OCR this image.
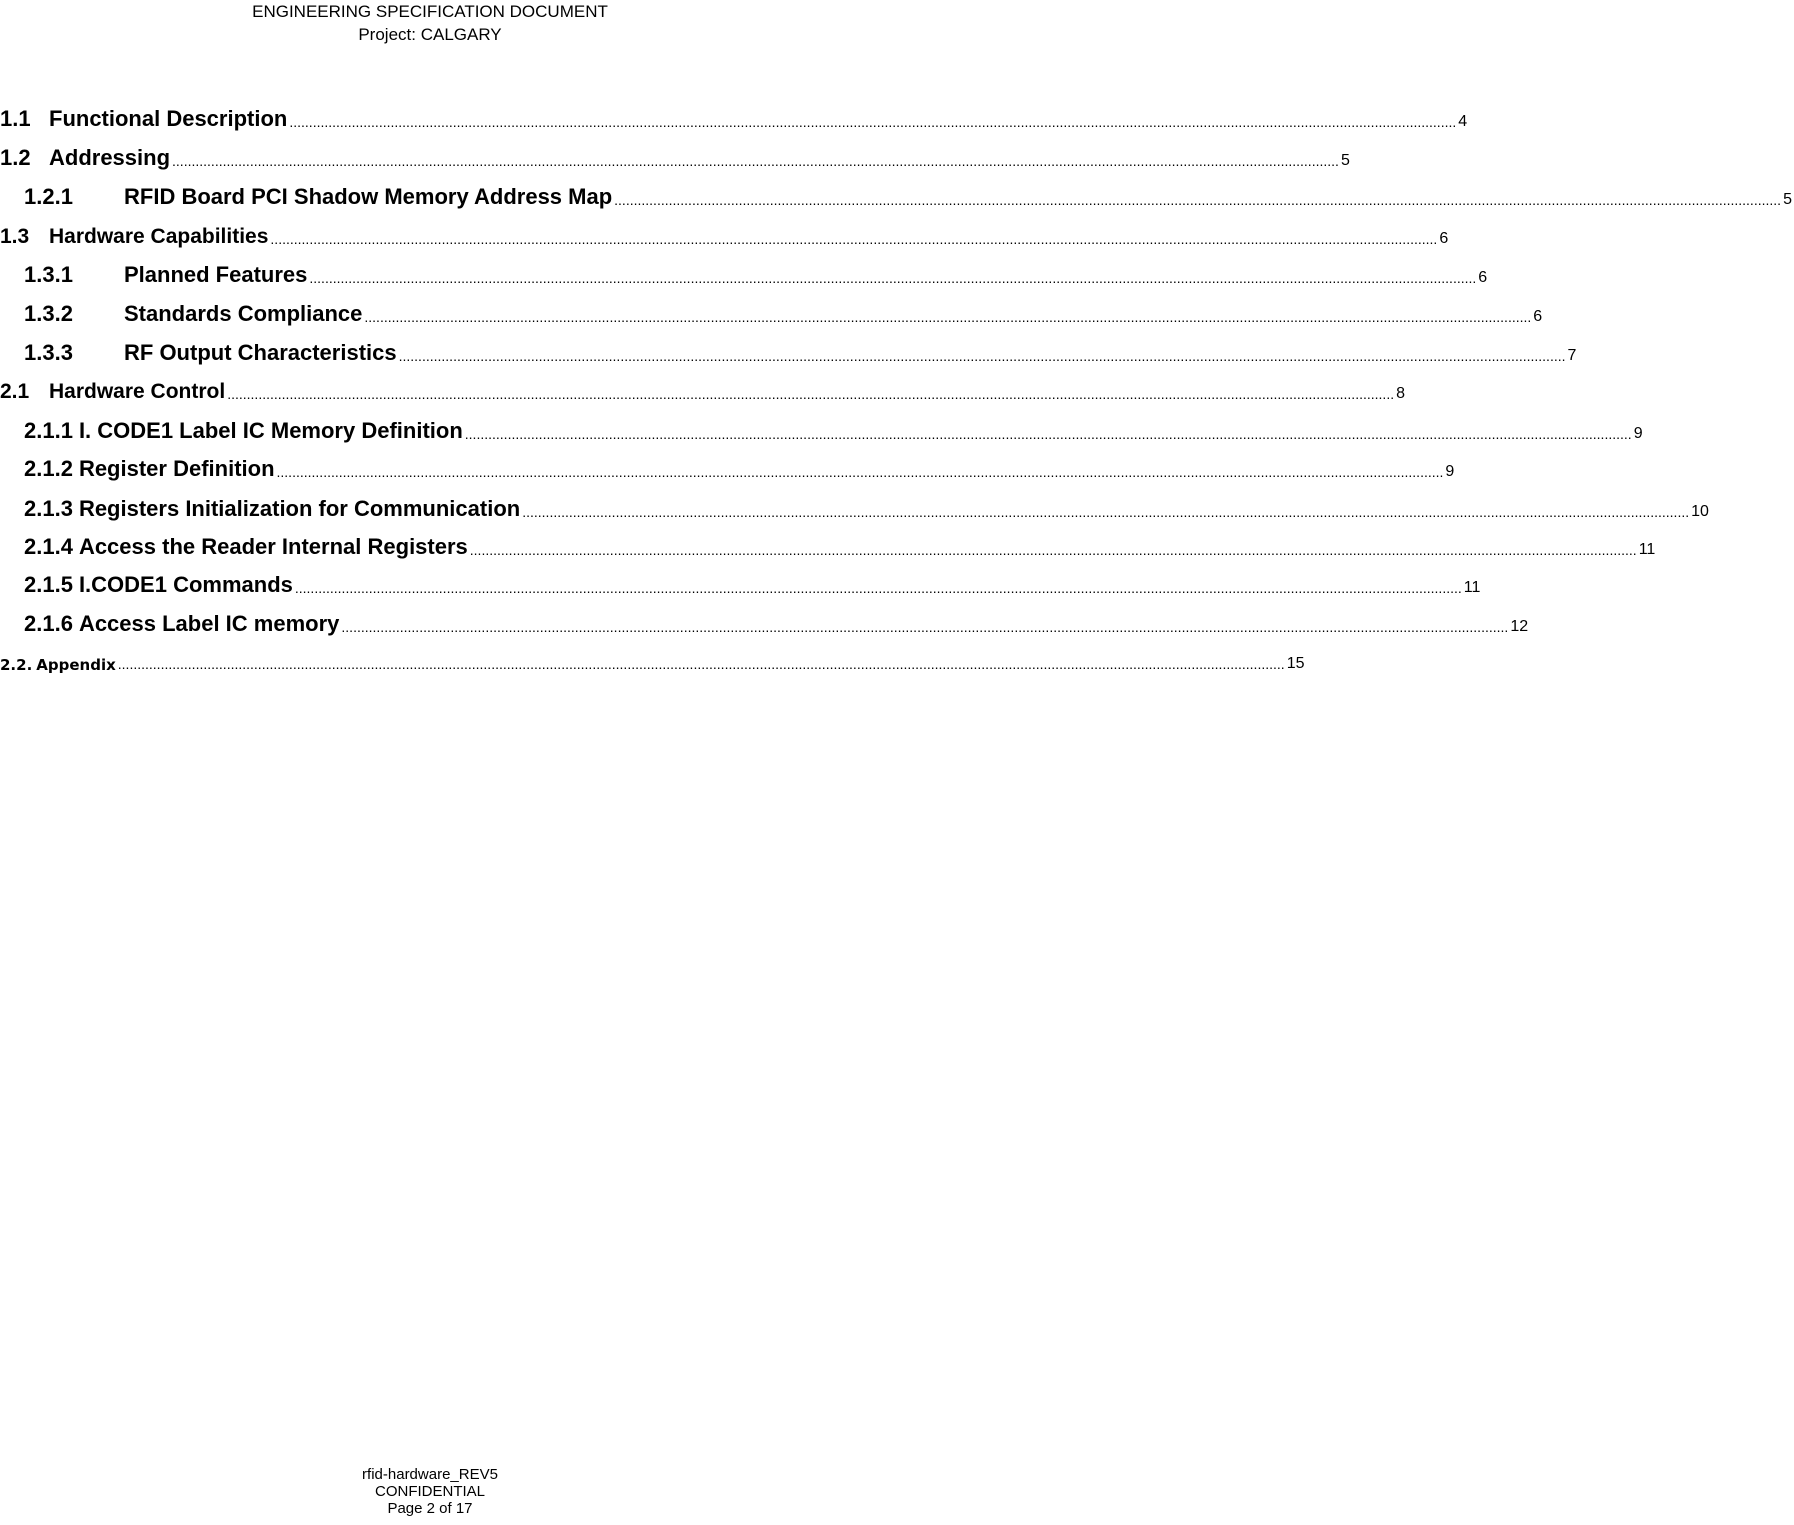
ENGINEERING SPECIFICATION DOCUMENT
Project: CALGARY
1.1 Functional Description ............................................................................................................................................................................................................................................................................................................ 4
1.2 Addressing ............................................................................................................................................................................................................................................................................................................ 5
1.2.1	RFID Board PCI Shadow Memory Address Map ............................................................................................................................................................................................................................................................................................................ 5
1.3 Hardware Capabilities ............................................................................................................................................................................................................................................................................................................ 6
1.3.1	Planned Features ............................................................................................................................................................................................................................................................................................................ 6
1.3.2	Standards Compliance ............................................................................................................................................................................................................................................................................................................ 6
1.3.3	RF Output Characteristics ............................................................................................................................................................................................................................................................................................................ 7
2.1 Hardware Control ............................................................................................................................................................................................................................................................................................................ 8
2.1.1 I. CODE1 Label IC Memory Definition ............................................................................................................................................................................................................................................................................................................ 9
2.1.2 Register Definition ............................................................................................................................................................................................................................................................................................................ 9
2.1.3 Registers Initialization for Communication ............................................................................................................................................................................................................................................................................................................ 10
2.1.4 Access the Reader Internal Registers ............................................................................................................................................................................................................................................................................................................ 11
2.1.5 I.CODE1 Commands ............................................................................................................................................................................................................................................................................................................ 11
2.1.6 Access Label IC memory ............................................................................................................................................................................................................................................................................................................ 12
2.2. Appendix ............................................................................................................................................................................................................................................................................................................ 15
rfid-hardware_REV5
CONFIDENTIAL
Page 2 of 17
